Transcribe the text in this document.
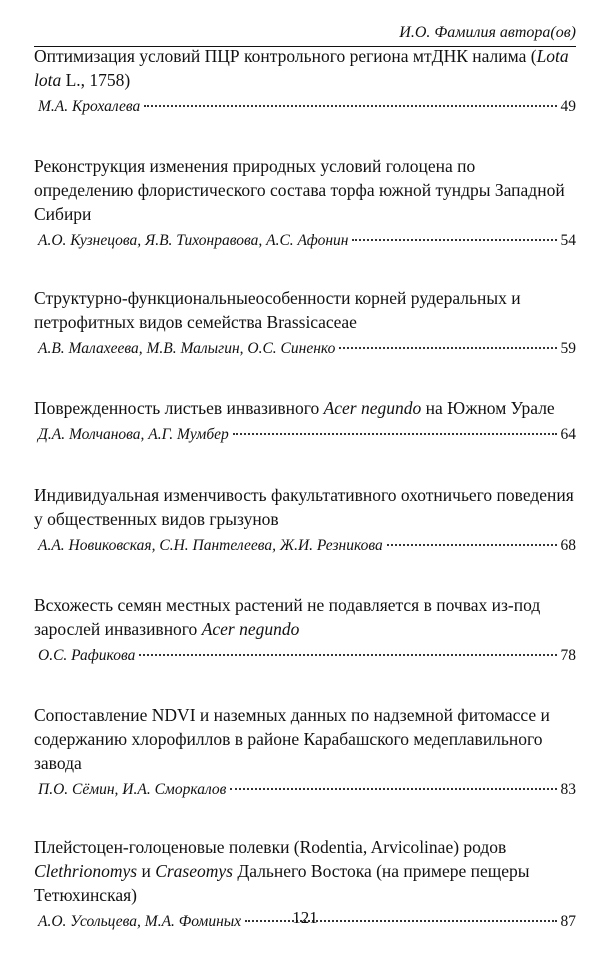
И.О. Фамилия автора(ов)
Оптимизация условий ПЦР контрольного региона мтДНК налима (Lota lota L., 1758)
М.А. Крохалева	49
Реконструкция изменения природных условий голоцена по определению флористического состава торфа южной тундры Западной Сибири
А.О. Кузнецова, Я.В. Тихонравова, А.С. Афонин	54
Структурно-функциональныеособенности корней рудеральных и петрофитных видов семейства Brassicaceae
А.В. Малахеева, М.В. Малыгин, О.С. Синенко	59
Поврежденность листьев инвазивного Acer negundo на Южном Урале
Д.А. Молчанова, А.Г. Мумбер	64
Индивидуальная изменчивость факультативного охотничьего поведения у общественных видов грызунов
А.А. Новиковская, С.Н. Пантелеева, Ж.И. Резникова	68
Всхожесть семян местных растений не подавляется в почвах из-под зарослей инвазивного Acer negundo
О.С. Рафикова	78
Сопоставление NDVI и наземных данных по надземной фитомассе и содержанию хлорофиллов в районе Карабашского медеплавильного завода
П.О. Сёмин, И.А. Сморкалов	83
Плейстоцен-голоценовые полевки (Rodentia, Arvicolinae) родов Clethrionomys и Craseomys Дальнего Востока (на примере пещеры Тетюхинская)
А.О. Усольцева, М.А. Фоминых	87
121
